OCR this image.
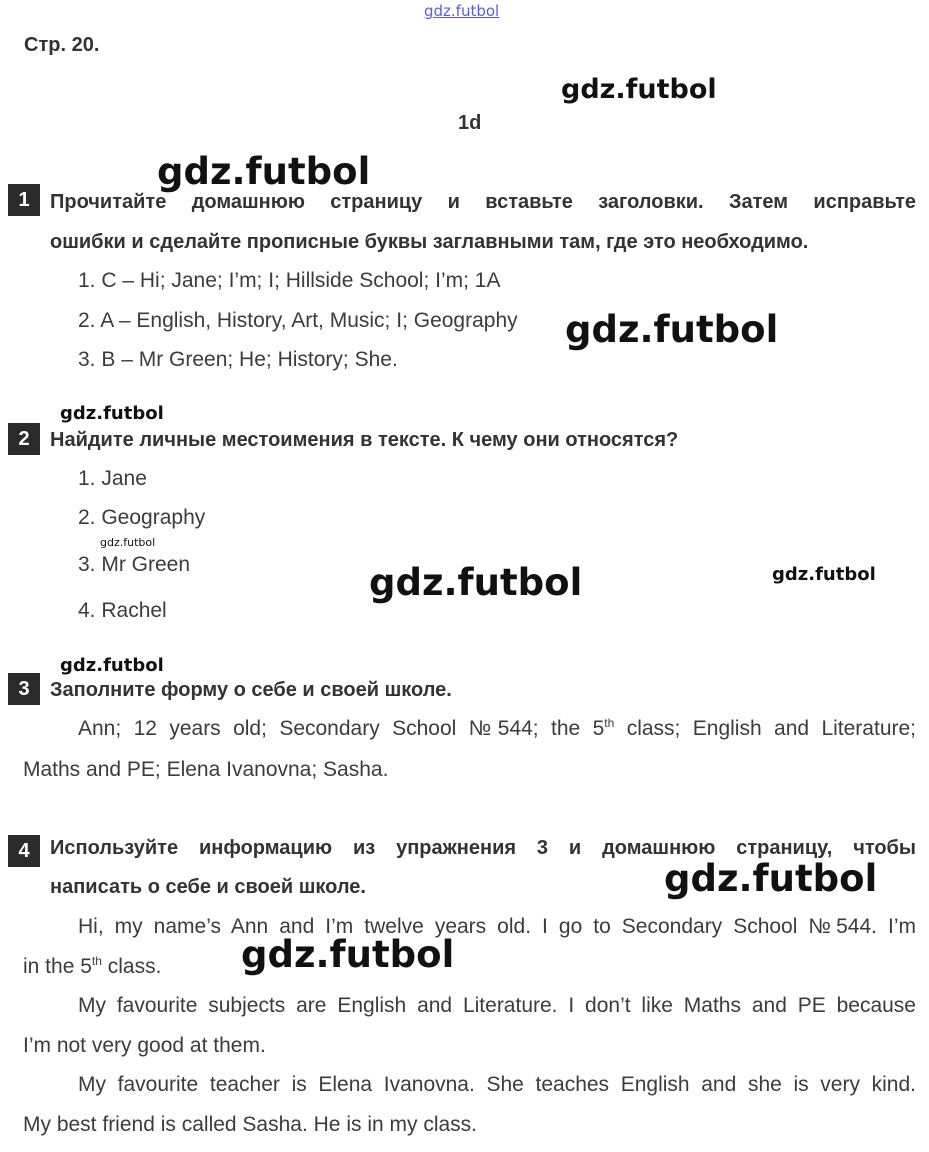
gdz.futbol
gdz.futbol
gdz.futbol
gdz.futbol
gdz.futbol
gdz.futbol
gdz.futbol	gdz.futbol
gdz.futbol
gdz.futbol
gdz.futbol
Стр. 20.
1d
1	Прочитайте домашнюю страницу и вставьте заголовки. Затем исправьте
ошибки и сделайте прописные буквы заглавными там, где это необходимо.
1. C – Hi; Jane; I’m; I; Hillside School; I’m; 1A
2. A – English, History, Art, Music; I; Geography
3. B – Mr Green; He; History; She.
2	Найдите личные местоимения в тексте. К чему они относятся?
1. Jane
2. Geography
3. Mr Green
4. Rachel
3	Заполните форму о себе и своей школе.
Ann; 12 years old; Secondary School №544; the 5th class; English and Literature;
Maths and PE; Elena Ivanovna; Sasha.
4	Используйте информацию из упражнения 3 и домашнюю страницу, чтобы
написать о себе и своей школе.
Hi, my name’s Ann and I’m twelve years old. I go to Secondary School №544. I’m
in the 5th class.
My favourite subjects are English and Literature. I don’t like Maths and PE because
I’m not very good at them.
My favourite teacher is Elena Ivanovna. She teaches English and she is very kind.
My best friend is called Sasha. He is in my class.
